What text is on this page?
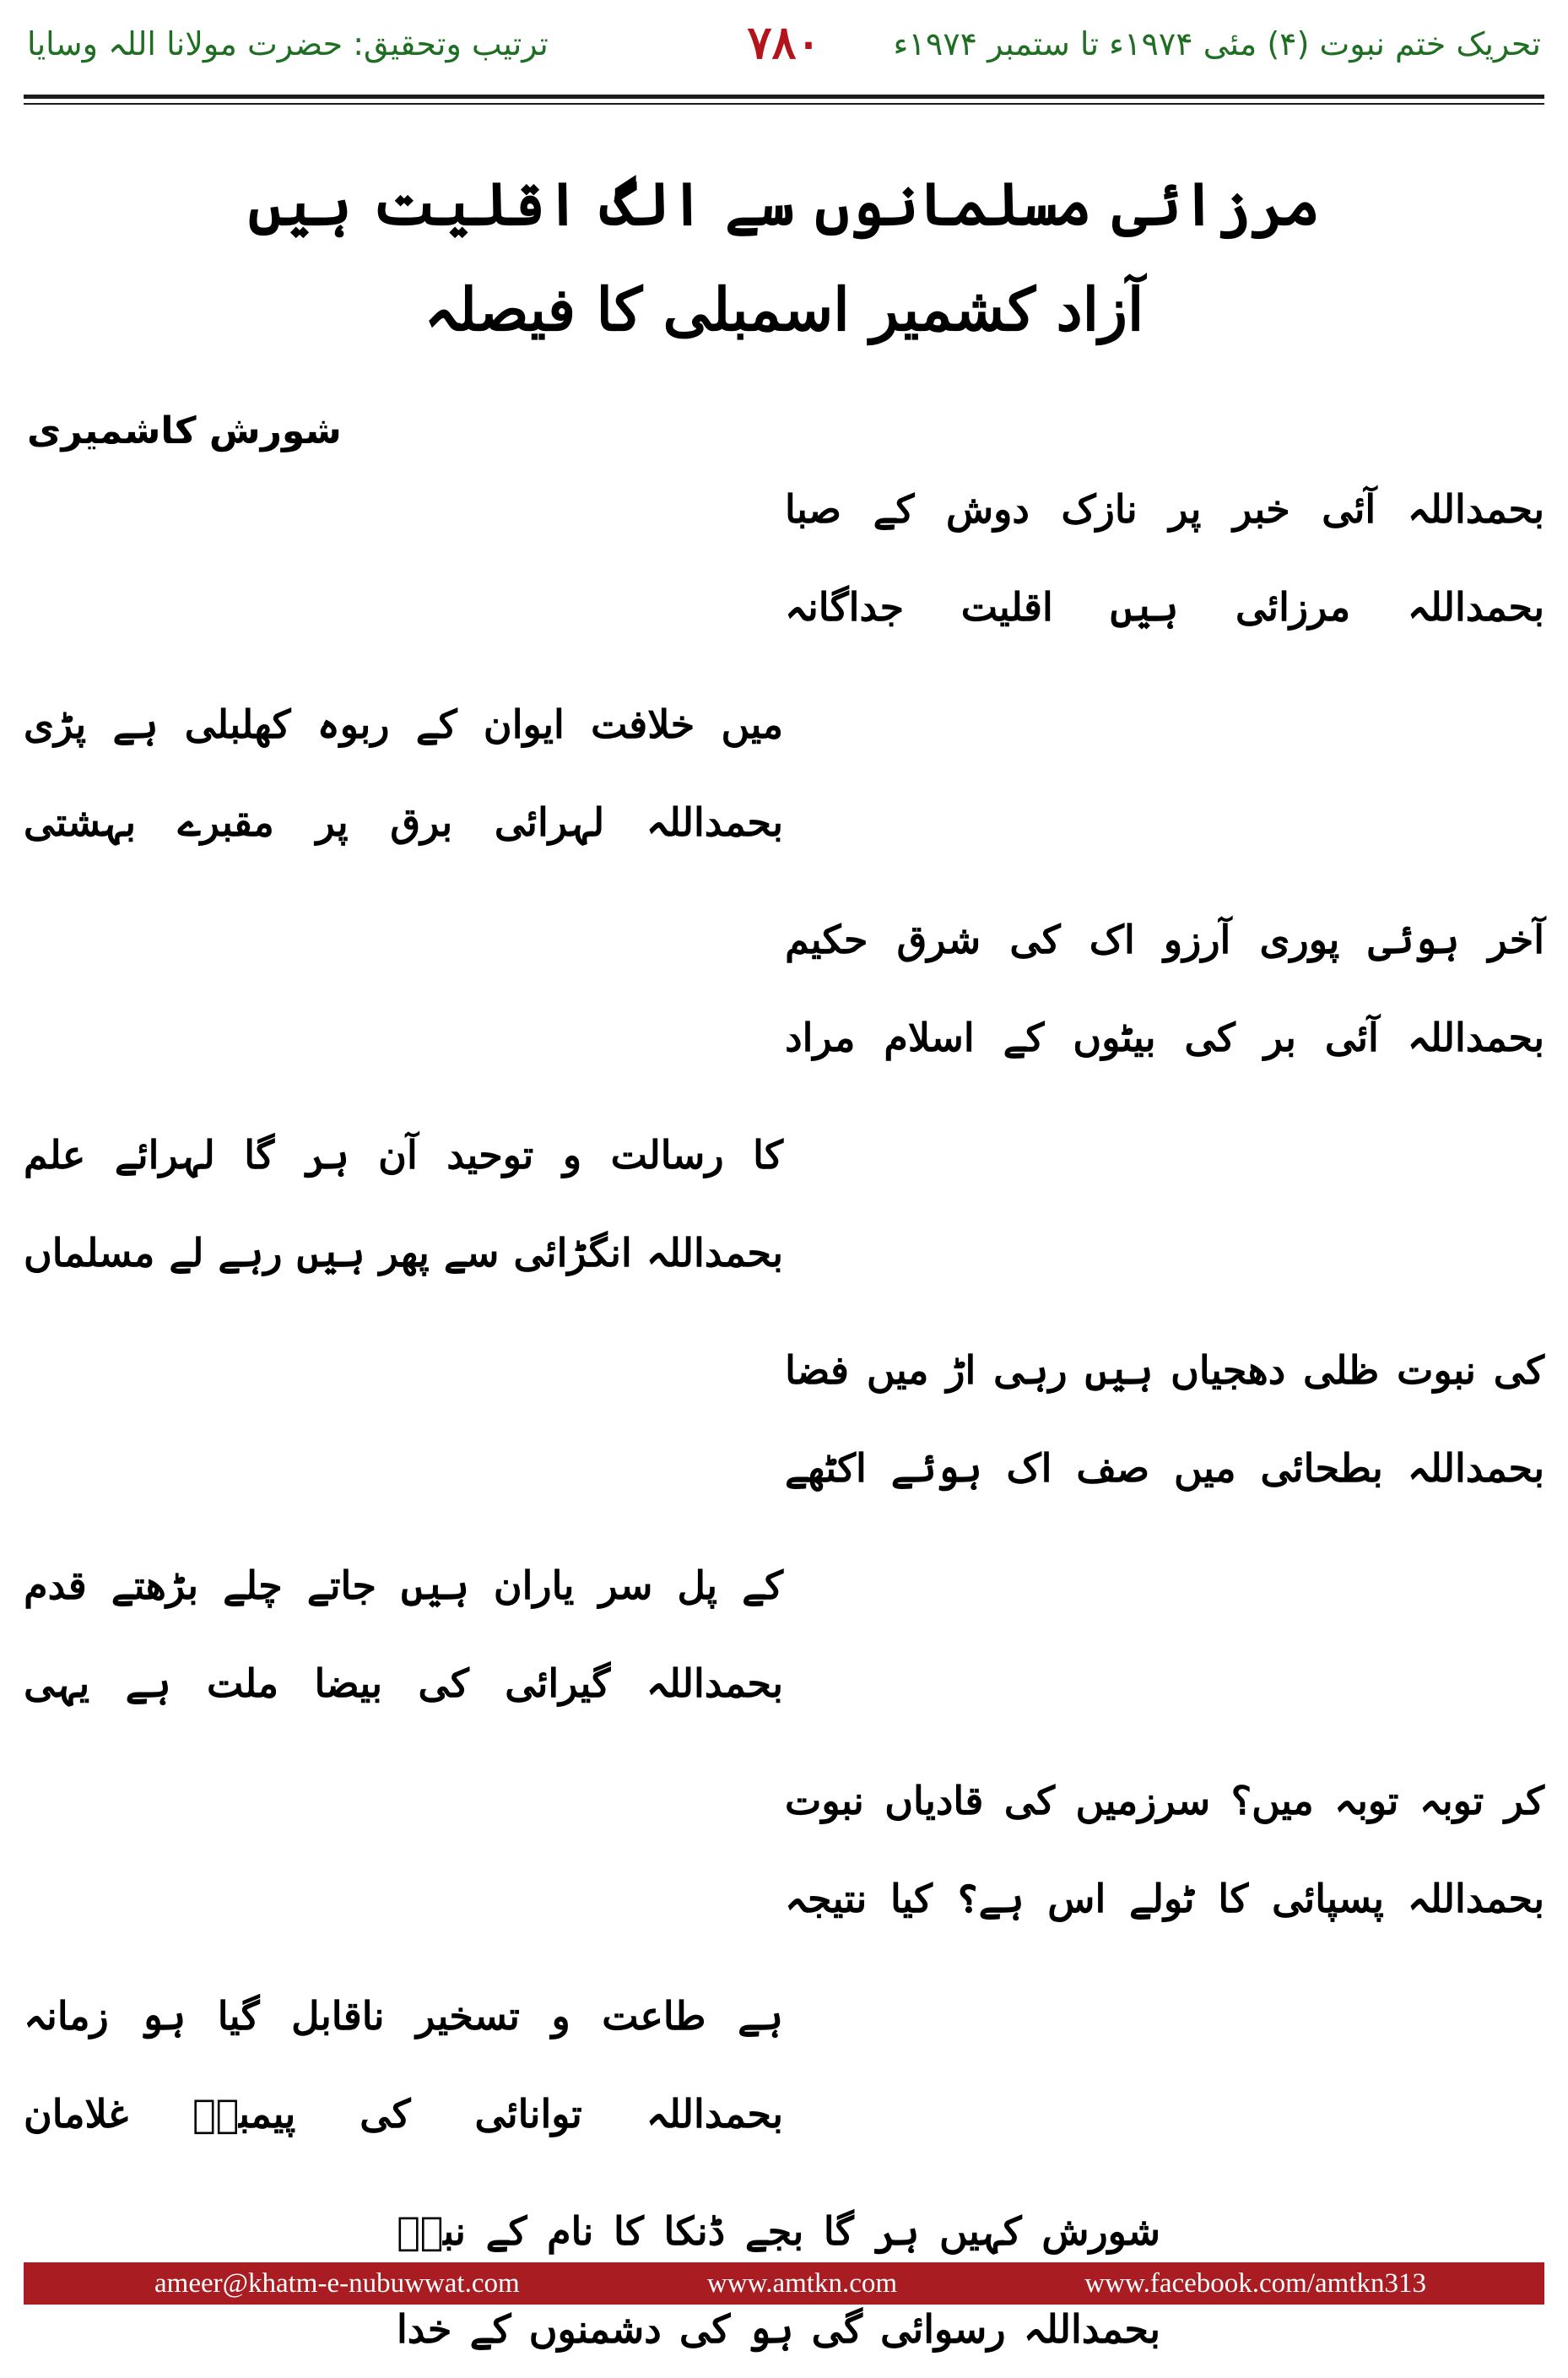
تحریک ختم نبوت (۴) مئی ۱۹۷۴ء تا ستمبر ۱۹۷۴ء
۷۸۰
ترتیب وتحقیق: حضرت مولانا اللہ وسایا
مرزائی مسلمانوں سے الگ اقلیت ہیں
آزاد کشمیر اسمبلی کا فیصلہ
شورش کاشمیری
صبا کے دوش نازک پر خبر آئی بحمداللہ
جداگانہ اقلیت ہیں مرزائی بحمداللہ
پڑی ہے کھلبلی ربوہ کے ایوان خلافت میں
بہشتی مقبرے پر برق لہرائی بحمداللہ
حکیم شرق کی اک آرزو پوری ہوئی آخر
مراد اسلام کے بیٹوں کی بر آئی بحمداللہ
علم لہرائے گا ہر آن توحید و رسالت کا
مسلماں لے رہے ہیں پھر سے انگڑائی بحمداللہ
فضا میں اڑ رہی ہیں دھجیاں ظلی نبوت کی
اکٹھے ہوئے اک صف میں بطحائی بحمداللہ
قدم بڑھتے چلے جاتے ہیں یاران سر پل کے
یہی ہے ملت بیضا کی گیرائی بحمداللہ
نبوت قادیاں کی سرزمیں میں؟ توبہ توبہ کر
نتیجہ کیا ہے؟ اس ٹولے کا پسپائی بحمداللہ
زمانہ ہو گیا ناقابل تسخیر و طاعت ہے
غلامان پیمبرؐ کی توانائی بحمداللہ
نبیؐ کے نام کا ڈنکا بجے گا ہر کہیں شورش
خدا کے دشمنوں کی ہو گی رسوائی بحمداللہ
ameer@khatm-e-nubuwwat.com	www.amtkn.com	www.facebook.com/amtkn313
